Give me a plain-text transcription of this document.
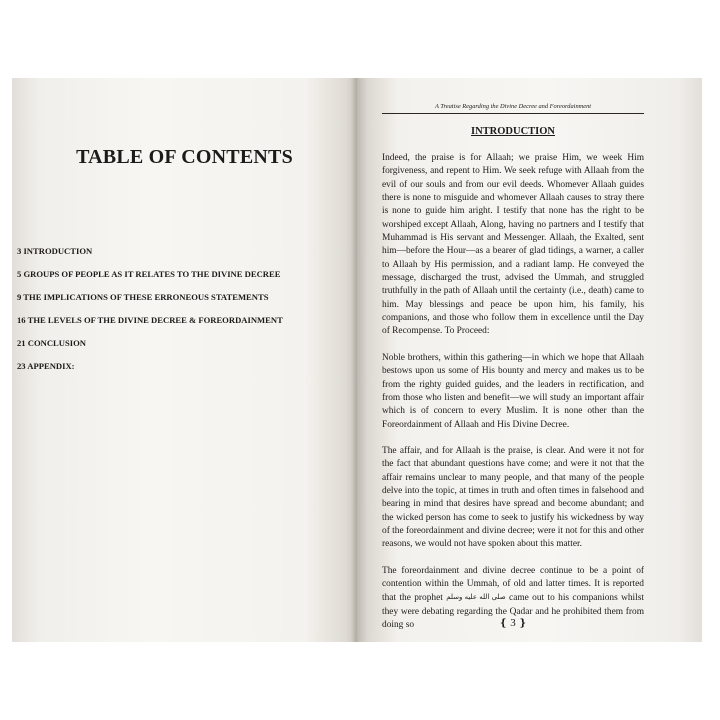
TABLE OF CONTENTS
3 INTRODUCTION
5 GROUPS OF PEOPLE AS IT RELATES TO THE DIVINE DECREE
9 THE IMPLICATIONS OF THESE ERRONEOUS STATEMENTS
16 THE LEVELS OF THE DIVINE DECREE & FOREORDAINMENT
21 CONCLUSION
23 APPENDIX:
A Treatise Regarding the Divine Decree and Foreordainment
INTRODUCTION

Indeed, the praise is for Allaah; we praise Him, we week Him forgiveness, and repent to Him. We seek refuge with Allaah from the evil of our souls and from our evil deeds. Whomever Allaah guides there is none to misguide and whomever Allaah causes to stray there is none to guide him aright. I testify that none has the right to be worshiped except Allaah, Along, having no partners and I testify that Muhammad is His servant and Messenger. Allaah, the Exalted, sent him—before the Hour—as a bearer of glad tidings, a warner, a caller to Allaah by His permission, and a radiant lamp. He conveyed the message, discharged the trust, advised the Ummah, and struggled truthfully in the path of Allaah until the certainty (i.e., death) came to him. May blessings and peace be upon him, his family, his companions, and those who follow them in excellence until the Day of Recompense. To Proceed:

Noble brothers, within this gathering—in which we hope that Allaah bestows upon us some of His bounty and mercy and makes us to be from the righty guided guides, and the leaders in rectification, and from those who listen and benefit—we will study an important affair which is of concern to every Muslim. It is none other than the Foreordainment of Allaah and His Divine Decree.

The affair, and for Allaah is the praise, is clear. And were it not for the fact that abundant questions have come; and were it not that the affair remains unclear to many people, and that many of the people delve into the topic, at times in truth and often times in falsehood and bearing in mind that desires have spread and become abundant; and the wicked person has come to seek to justify his wickedness by way of the foreordainment and divine decree; were it not for this and other reasons, we would not have spoken about this matter.

The foreordainment and divine decree continue to be a point of contention within the Ummah, of old and latter times. It is reported that the prophet صلى الله عليه وسلم came out to his companions whilst they were debating regarding the Qadar and he prohibited them from doing so	❴ 3 ❵
